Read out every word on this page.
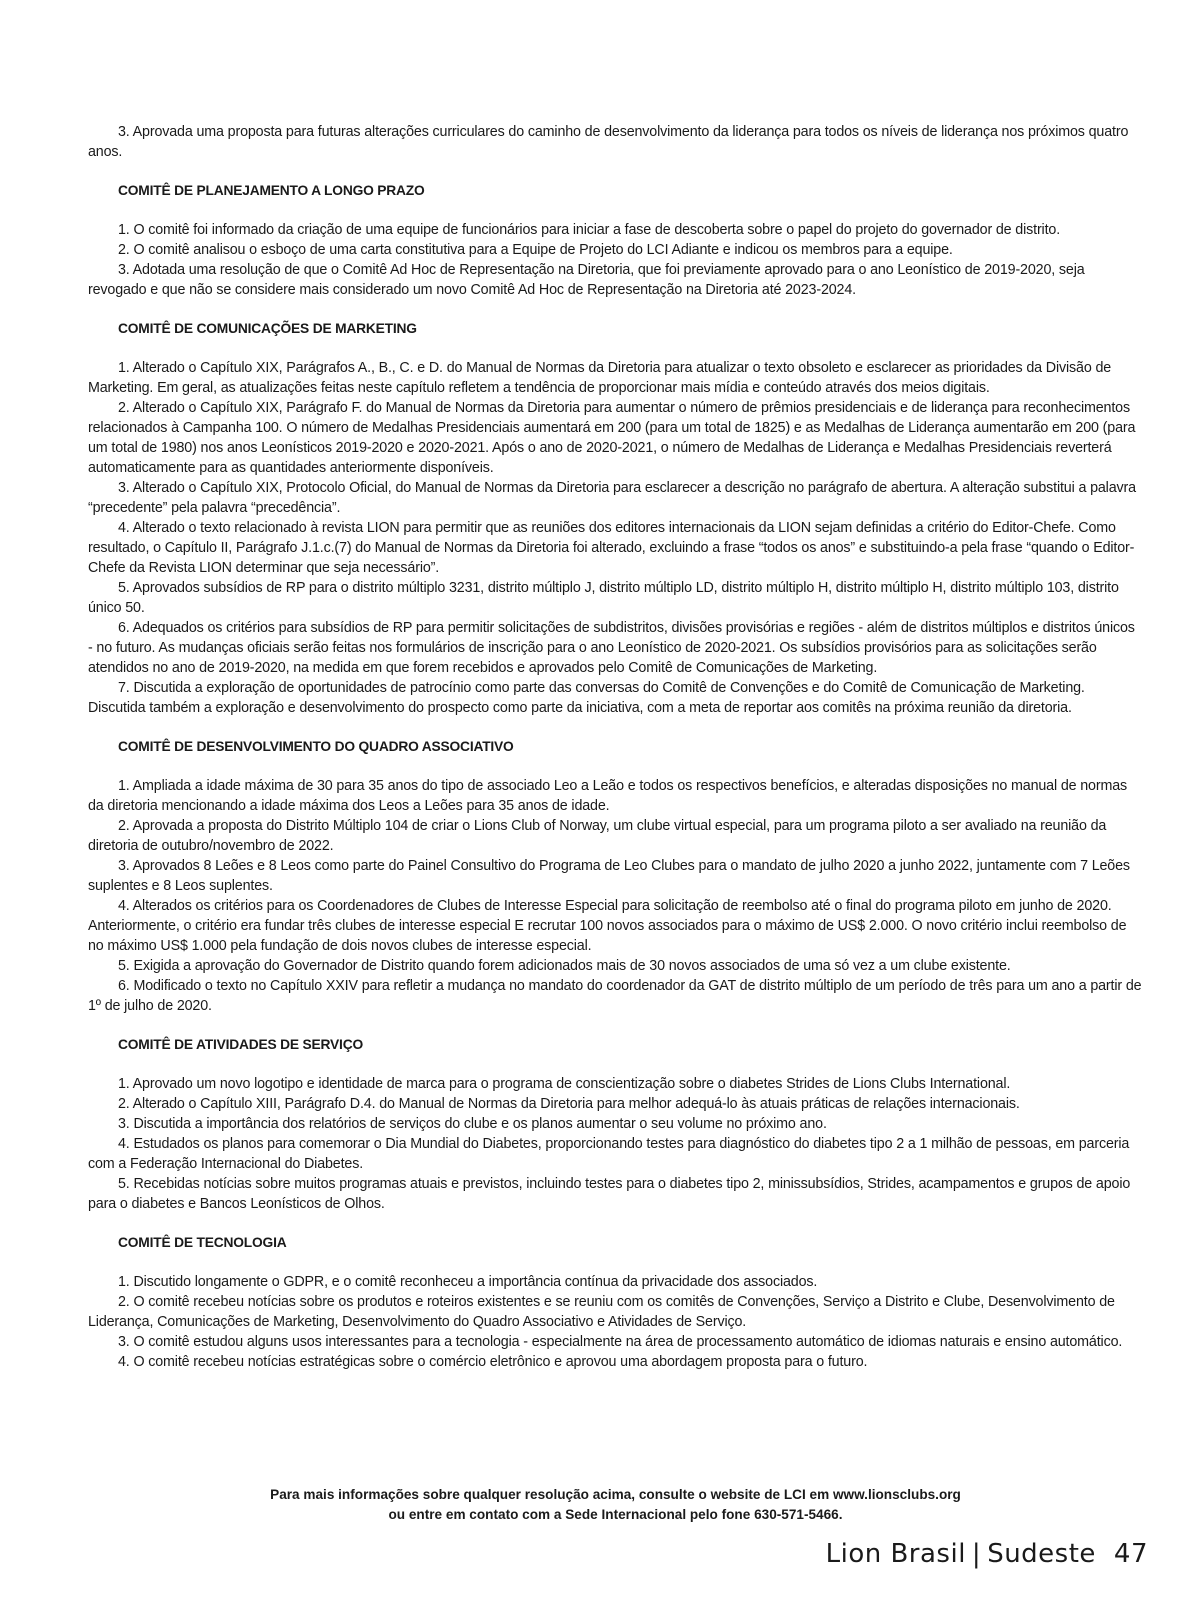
3. Aprovada uma proposta para futuras alterações curriculares do caminho de desenvolvimento da liderança para todos os níveis de liderança nos próximos quatro anos.

COMITÊ DE PLANEJAMENTO A LONGO PRAZO

1. O comitê foi informado da criação de uma equipe de funcionários para iniciar a fase de descoberta sobre o papel do projeto do governador de distrito.

2. O comitê analisou o esboço de uma carta constitutiva para a Equipe de Projeto do LCI Adiante e indicou os membros para a equipe.

3. Adotada uma resolução de que o Comitê Ad Hoc de Representação na Diretoria, que foi previamente aprovado para o ano Leonístico de 2019-2020, seja revogado e que não se considere mais considerado um novo Comitê Ad Hoc de Representação na Diretoria até 2023-2024.

COMITÊ DE COMUNICAÇÕES DE MARKETING

1. Alterado o Capítulo XIX, Parágrafos A., B., C. e D. do Manual de Normas da Diretoria para atualizar o texto obsoleto e esclarecer as prioridades da Divisão de Marketing. Em geral, as atualizações feitas neste capítulo refletem a tendência de proporcionar mais mídia e conteúdo através dos meios digitais.

2. Alterado o Capítulo XIX, Parágrafo F. do Manual de Normas da Diretoria para aumentar o número de prêmios presidenciais e de liderança para reconhecimentos relacionados à Campanha 100. O número de Medalhas Presidenciais aumentará em 200 (para um total de 1825) e as Medalhas de Liderança aumentarão em 200 (para um total de 1980) nos anos Leonísticos 2019-2020 e 2020-2021. Após o ano de 2020-2021, o número de Medalhas de Liderança e Medalhas Presidenciais reverterá automaticamente para as quantidades anteriormente disponíveis.

3. Alterado o Capítulo XIX, Protocolo Oficial, do Manual de Normas da Diretoria para esclarecer a descrição no parágrafo de abertura. A alteração substitui a palavra “precedente” pela palavra “precedência”.

4. Alterado o texto relacionado à revista LION para permitir que as reuniões dos editores internacionais da LION sejam definidas a critério do Editor-Chefe. Como resultado, o Capítulo II, Parágrafo J.1.c.(7) do Manual de Normas da Diretoria foi alterado, excluindo a frase “todos os anos” e substituindo-a pela frase “quando o Editor-Chefe da Revista LION determinar que seja necessário”.

5. Aprovados subsídios de RP para o distrito múltiplo 3231, distrito múltiplo J, distrito múltiplo LD, distrito múltiplo H, distrito múltiplo H, distrito múltiplo 103, distrito único 50.

6. Adequados os critérios para subsídios de RP para permitir solicitações de subdistritos, divisões provisórias e regiões - além de distritos múltiplos e distritos únicos - no futuro. As mudanças oficiais serão feitas nos formulários de inscrição para o ano Leonístico de 2020-2021. Os subsídios provisórios para as solicitações serão atendidos no ano de 2019-2020, na medida em que forem recebidos e aprovados pelo Comitê de Comunicações de Marketing.

7. Discutida a exploração de oportunidades de patrocínio como parte das conversas do Comitê de Convenções e do Comitê de Comunicação de Marketing. Discutida também a exploração e desenvolvimento do prospecto como parte da iniciativa, com a meta de reportar aos comitês na próxima reunião da diretoria.

COMITÊ DE DESENVOLVIMENTO DO QUADRO ASSOCIATIVO

1. Ampliada a idade máxima de 30 para 35 anos do tipo de associado Leo a Leão e todos os respectivos benefícios, e alteradas disposições no manual de normas da diretoria mencionando a idade máxima dos Leos a Leões para 35 anos de idade.

2. Aprovada a proposta do Distrito Múltiplo 104 de criar o Lions Club of Norway, um clube virtual especial, para um programa piloto a ser avaliado na reunião da diretoria de outubro/novembro de 2022.

3. Aprovados 8 Leões e 8 Leos como parte do Painel Consultivo do Programa de Leo Clubes para o mandato de julho 2020 a junho 2022, juntamente com 7 Leões suplentes e 8 Leos suplentes.

4. Alterados os critérios para os Coordenadores de Clubes de Interesse Especial para solicitação de reembolso até o final do programa piloto em junho de 2020. Anteriormente, o critério era fundar três clubes de interesse especial E recrutar 100 novos associados para o máximo de US$ 2.000. O novo critério inclui reembolso de no máximo US$ 1.000 pela fundação de dois novos clubes de interesse especial.

5. Exigida a aprovação do Governador de Distrito quando forem adicionados mais de 30 novos associados de uma só vez a um clube existente.

6. Modificado o texto no Capítulo XXIV para refletir a mudança no mandato do coordenador da GAT de distrito múltiplo de um período de três para um ano a partir de 1º de julho de 2020.

COMITÊ DE ATIVIDADES DE SERVIÇO

1. Aprovado um novo logotipo e identidade de marca para o programa de conscientização sobre o diabetes Strides de Lions Clubs International.

2. Alterado o Capítulo XIII, Parágrafo D.4. do Manual de Normas da Diretoria para melhor adequá-lo às atuais práticas de relações internacionais.

3. Discutida a importância dos relatórios de serviços do clube e os planos aumentar o seu volume no próximo ano.

4. Estudados os planos para comemorar o Dia Mundial do Diabetes, proporcionando testes para diagnóstico do diabetes tipo 2 a 1 milhão de pessoas, em parceria com a Federação Internacional do Diabetes.

5. Recebidas notícias sobre muitos programas atuais e previstos, incluindo testes para o diabetes tipo 2, minissubsídios, Strides, acampamentos e grupos de apoio para o diabetes e Bancos Leonísticos de Olhos.

COMITÊ DE TECNOLOGIA

1. Discutido longamente o GDPR, e o comitê reconheceu a importância contínua da privacidade dos associados.

2. O comitê recebeu notícias sobre os produtos e roteiros existentes e se reuniu com os comitês de Convenções, Serviço a Distrito e Clube, Desenvolvimento de Liderança, Comunicações de Marketing, Desenvolvimento do Quadro Associativo e Atividades de Serviço.

3. O comitê estudou alguns usos interessantes para a tecnologia - especialmente na área de processamento automático de idiomas naturais e ensino automático.

4. O comitê recebeu notícias estratégicas sobre o comércio eletrônico e aprovou uma abordagem proposta para o futuro.

Para mais informações sobre qualquer resolução acima, consulte o website de LCI em www.lionsclubs.org
ou entre em contato com a Sede Internacional pelo fone 630-571-5466.
Lion Brasil | Sudeste 47
